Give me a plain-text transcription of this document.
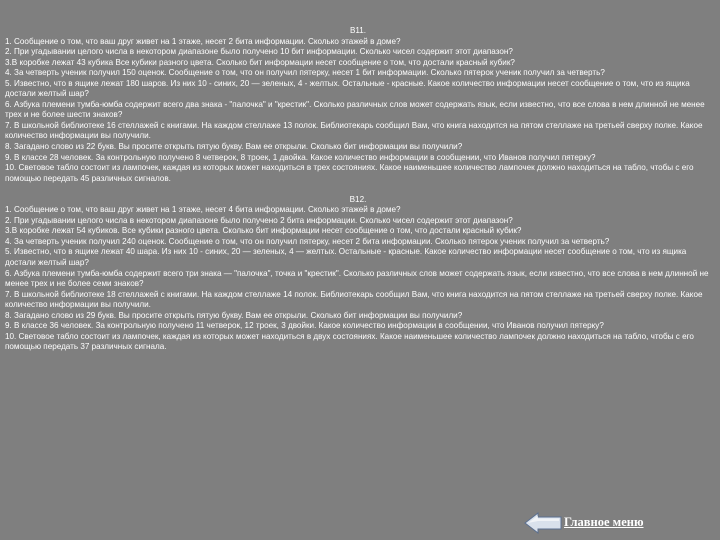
B11.

1. Сообщение о том, что ваш друг живет на 1 этаже, несет 2 бита информации. Сколько этажей в доме?

2. При угадывании целого числа в некотором диапазоне было получено 10 бит информации. Сколько чисел содержит этот диапазон?

3.В коробке лежат 43 кубика Все кубики разного цвета. Сколько бит информации несет сообщение о том, что достали красный кубик?

4. За четверть ученик получил 150 оценок. Сообщение о том, что он получил пятерку, несет 1 бит информации. Сколько пятерок ученик получил за четверть?

5. Известно, что в ящике лежат 180 шаров. Из них 10 - синих, 20 — зеленых, 4 - желтых. Остальные - красные. Какое количество информации несет сообщение о том, что из ящика достали желтый шар?

6. Азбука племени тумба-юмба содержит всего два знака - "палочка" и "крестик". Сколько различных слов может содержать язык, если известно, что все слова в нем длинной не менее трех и не более шести знаков?

7. В школьной библиотеке 16 стеллажей с книгами. На каждом стеллаже 13 полок. Библиотекарь сообщил Вам, что книга находится на пятом стеллаже на третьей сверху полке. Какое количество информации вы получили.

8. Загадано слово из 22 букв. Вы просите открыть пятую букву. Вам ее открыли. Сколько бит информации вы получили?

9. В классе 28 человек. За контрольную получено 8 четверок, 8 троек, 1 двойка. Какое количество информации в сообщении, что Иванов получил пятерку?

10. Световое табло состоит из лампочек, каждая из которых может находиться в трех состояниях. Какое наименьшее количество лампочек должно находиться на табло, чтобы с его помощью передать 45 различных сигналов.

B12.

1. Сообщение о том, что ваш друг живет на 1 этаже, несет 4 бита информации. Сколько этажей в доме?

2. При угадывании целого числа в некотором диапазоне было получено 2 бита информации. Сколько чисел содержит этот диапазон?

3.В коробке лежат 54 кубиков. Все кубики разного цвета. Сколько бит информации несет сообщение о том, что достали красный кубик?

4. За четверть ученик получил 240 оценок. Сообщение о том, что он получил пятерку, несет 2 бита информации. Сколько пятерок ученик получил за четверть?

5. Известно, что в ящике лежат 40 шара. Из них 10 - синих, 20 — зеленых, 4 — желтых. Остальные - красные. Какое количество информации несет сообщение о том, что из ящика достали желтый шар?

6. Азбука племени тумба-юмба содержит всего три знака — "палочка", точка и "крестик". Сколько различных слов может содержать язык, если известно, что все слова в нем длинной не менее трех и не более семи знаков?

7. В школьной библиотеке 18 стеллажей с книгами. На каждом стеллаже 14 полок. Библиотекарь сообщил Вам, что книга находится на пятом стеллаже на третьей сверху полке. Какое количество информации вы получили.

8. Загадано слово из 29 букв. Вы просите открыть пятую букву. Вам ее открыли. Сколько бит информации вы получили?

9. В классе 36 человек. За контрольную получено 11 четверок, 12 троек, 3 двойки. Какое количество информации в сообщении, что Иванов получил пятерку?

10. Световое табло состоит из лампочек, каждая из которых может находиться в двух состояниях. Какое наименьшее количество лампочек должно находиться на табло, чтобы с его помощью передать 37 различных сигнала.

Главное меню
